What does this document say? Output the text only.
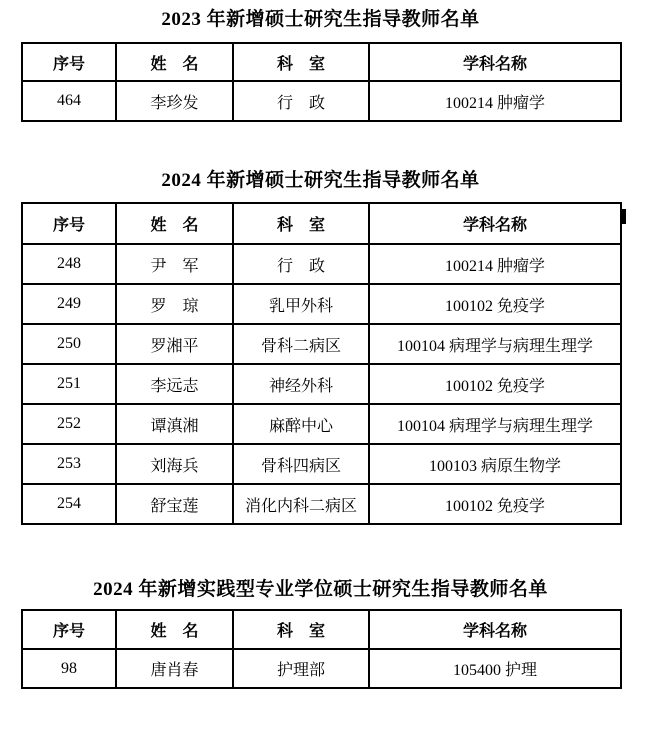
2023 年新增硕士研究生指导教师名单
序号	姓　名	科　室	学科名称
464	李珍发	行　政	100214 肿瘤学
2024 年新增硕士研究生指导教师名单
序号	姓　名	科　室	学科名称
248	尹　军	行　政	100214 肿瘤学
249	罗　琼	乳甲外科	100102 免疫学
250	罗湘平	骨科二病区	100104 病理学与病理生理学
251	李远志	神经外科	100102 免疫学
252	谭滇湘	麻醉中心	100104 病理学与病理生理学
253	刘海兵	骨科四病区	100103 病原生物学
254	舒宝莲	消化内科二病区	100102 免疫学
2024 年新增实践型专业学位硕士研究生指导教师名单
序号	姓　名	科　室	学科名称
98	唐肖春	护理部	105400 护理
